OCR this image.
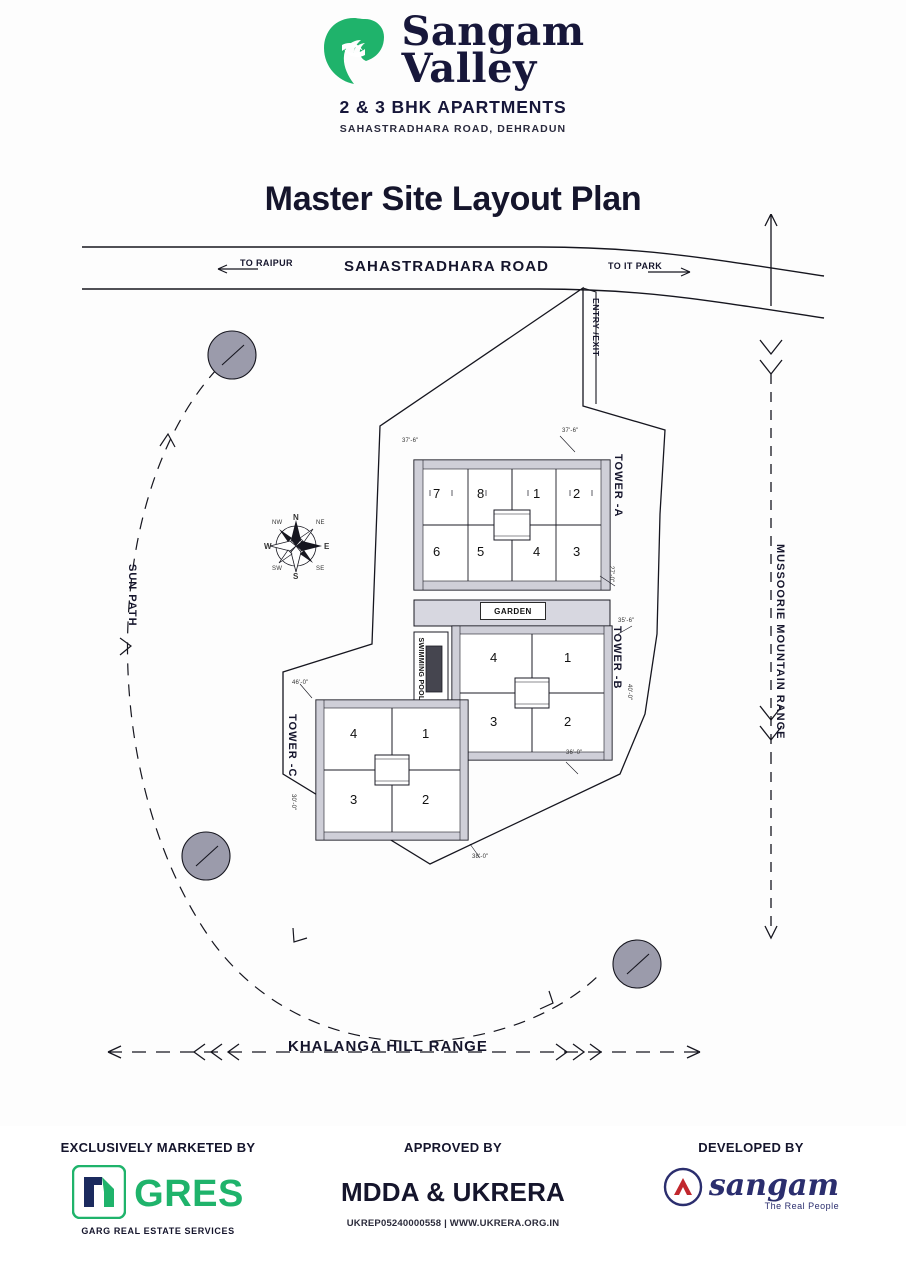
Sangam
Valley
2 & 3 BHK APARTMENTS
SAHASTRADHARA ROAD, DEHRADUN
Master Site Layout Plan
SAHASTRADHARA ROAD
TO RAIPUR	TO IT PARK
ENTRY /EXIT
TOWER -A
TOWER -B
TOWER -C
7	8	1	2
6	5	4	3
4	1
3	2
4	1
3	2
GARDEN
SWIMMING POOL
SUN PATH	MUSSOORIE MOUNTAIN RANGE
KHALANGA HILL RANGE
N
S
E
W
NE
NW
SE
SW
37'-6"
37'-6"
27'-0"
35'-6"
40'-0"
46'-0"
30'-0"
36'-0"
38'-0"
EXCLUSIVELY MARKETED BY
GRES
GARG REAL ESTATE SERVICES
APPROVED BY
MDDA & UKRERA
UKREP05240000558 | WWW.UKRERA.ORG.IN
DEVELOPED BY
sangam
The Real People
